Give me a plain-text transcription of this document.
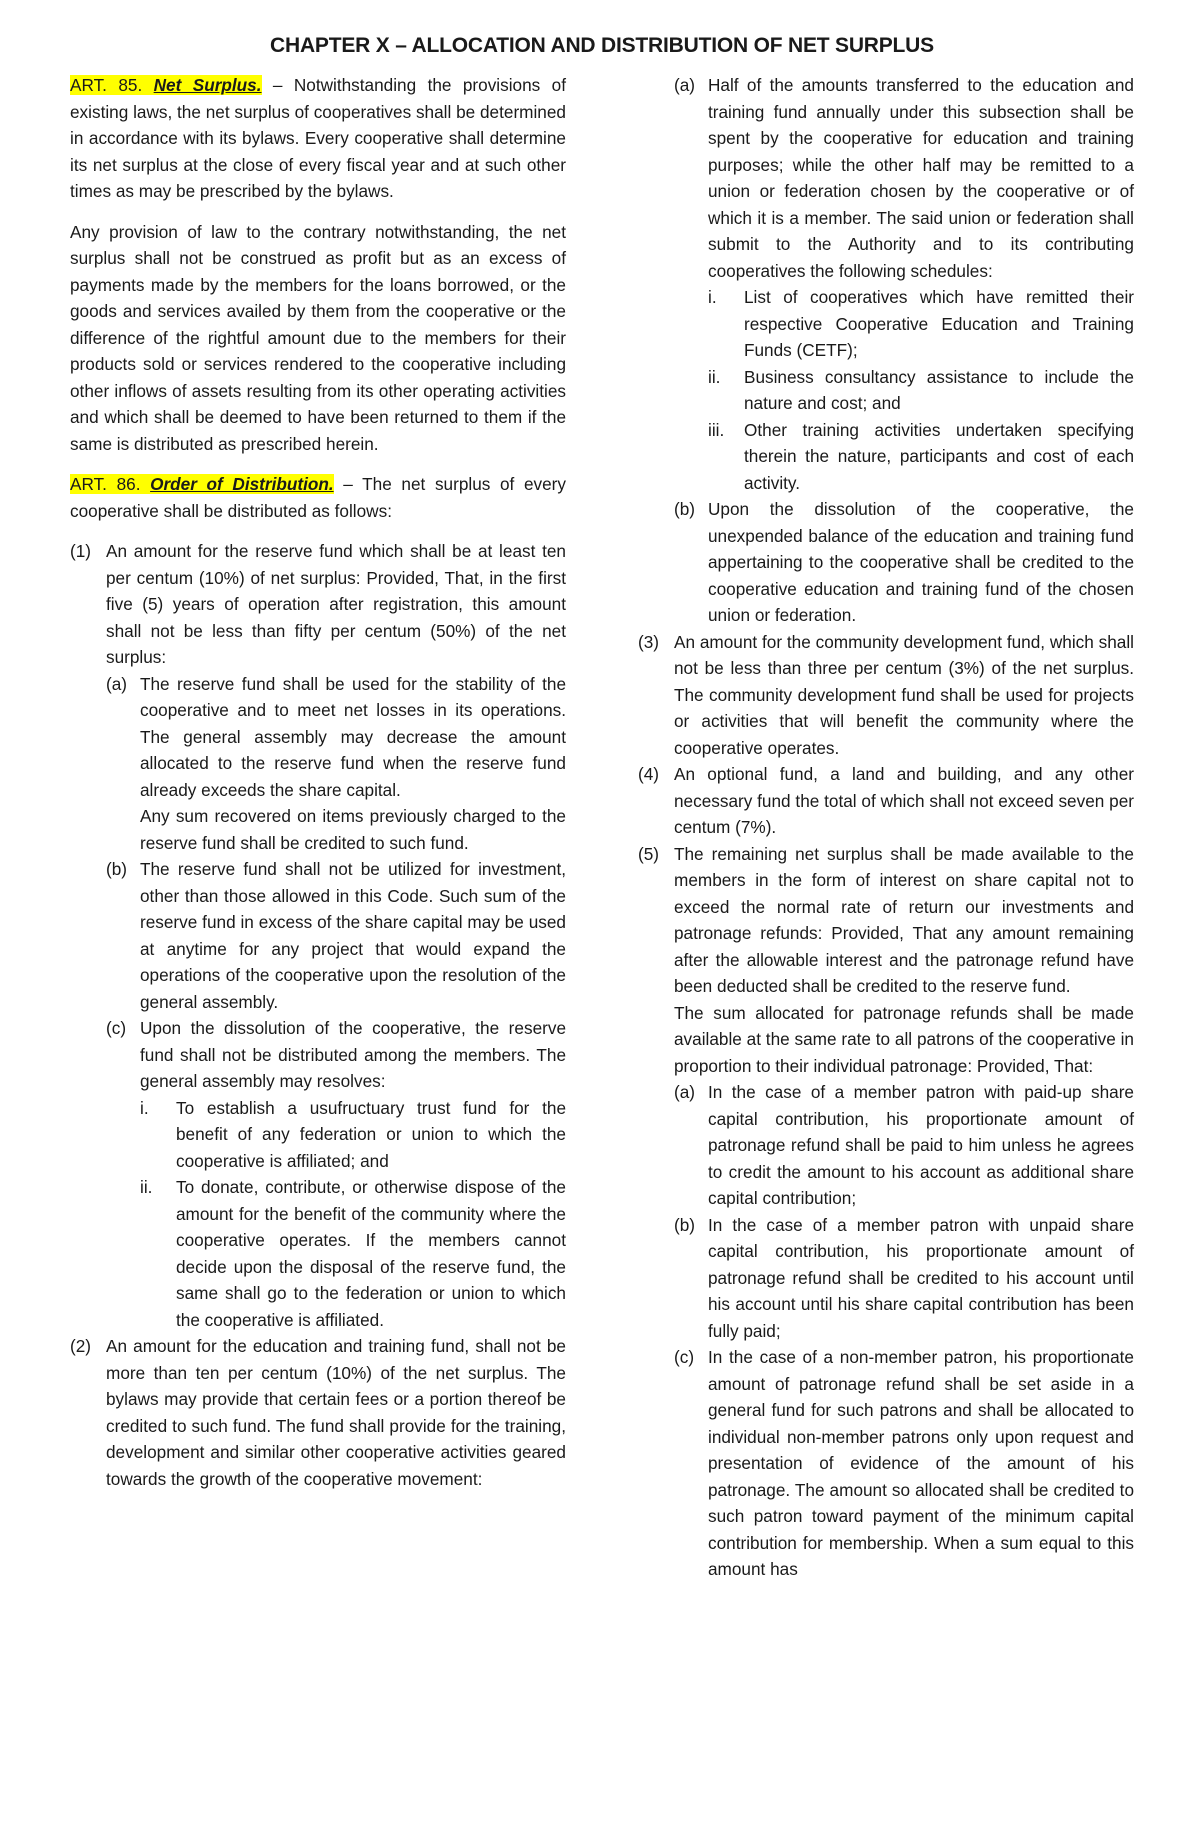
CHAPTER X – ALLOCATION AND DISTRIBUTION OF NET SURPLUS

ART. 85. Net Surplus. – Notwithstanding the provisions of existing laws, the net surplus of cooperatives shall be determined in accordance with its bylaws. Every cooperative shall determine its net surplus at the close of every fiscal year and at such other times as may be prescribed by the bylaws.

Any provision of law to the contrary notwithstanding, the net surplus shall not be construed as profit but as an excess of payments made by the members for the loans borrowed, or the goods and services availed by them from the cooperative or the difference of the rightful amount due to the members for their products sold or services rendered to the cooperative including other inflows of assets resulting from its other operating activities and which shall be deemed to have been returned to them if the same is distributed as prescribed herein.

ART. 86. Order of Distribution. – The net surplus of every cooperative shall be distributed as follows:

(1) An amount for the reserve fund which shall be at least ten per centum (10%) of net surplus: Provided, That, in the first five (5) years of operation after registration, this amount shall not be less than fifty per centum (50%) of the net surplus:
(a) The reserve fund shall be used for the stability of the cooperative and to meet net losses in its operations. The general assembly may decrease the amount allocated to the reserve fund when the reserve fund already exceeds the share capital.
Any sum recovered on items previously charged to the reserve fund shall be credited to such fund.
(b) The reserve fund shall not be utilized for investment, other than those allowed in this Code. Such sum of the reserve fund in excess of the share capital may be used at anytime for any project that would expand the operations of the cooperative upon the resolution of the general assembly.
(c) Upon the dissolution of the cooperative, the reserve fund shall not be distributed among the members. The general assembly may resolves:
i.	To establish a usufructuary trust fund for the benefit of any federation or union to which the cooperative is affiliated; and
ii.	To donate, contribute, or otherwise dispose of the amount for the benefit of the community where the cooperative operates. If the members cannot decide upon the disposal of the reserve fund, the same shall go to the federation or union to which the cooperative is affiliated.
(2) An amount for the education and training fund, shall not be more than ten per centum (10%) of the net surplus. The bylaws may provide that certain fees or a portion thereof be credited to such fund. The fund shall provide for the training, development and similar other cooperative activities geared towards the growth of the cooperative movement:
(a) Half of the amounts transferred to the education and training fund annually under this subsection shall be spent by the cooperative for education and training purposes; while the other half may be remitted to a union or federation chosen by the cooperative or of which it is a member. The said union or federation shall submit to the Authority and to its contributing cooperatives the following schedules:
i.	List of cooperatives which have remitted their respective Cooperative Education and Training Funds (CETF);
ii.	Business consultancy assistance to include the nature and cost; and
iii.	Other training activities undertaken specifying therein the nature, participants and cost of each activity.
(b) Upon the dissolution of the cooperative, the unexpended balance of the education and training fund appertaining to the cooperative shall be credited to the cooperative education and training fund of the chosen union or federation.
(3) An amount for the community development fund, which shall not be less than three per centum (3%) of the net surplus. The community development fund shall be used for projects or activities that will benefit the community where the cooperative operates.
(4) An optional fund, a land and building, and any other necessary fund the total of which shall not exceed seven per centum (7%).
(5) The remaining net surplus shall be made available to the members in the form of interest on share capital not to exceed the normal rate of return our investments and patronage refunds: Provided, That any amount remaining after the allowable interest and the patronage refund have been deducted shall be credited to the reserve fund.
The sum allocated for patronage refunds shall be made available at the same rate to all patrons of the cooperative in proportion to their individual patronage: Provided, That:
(a) In the case of a member patron with paid-up share capital contribution, his proportionate amount of patronage refund shall be paid to him unless he agrees to credit the amount to his account as additional share capital contribution;
(b) In the case of a member patron with unpaid share capital contribution, his proportionate amount of patronage refund shall be credited to his account until his account until his share capital contribution has been fully paid;
(c) In the case of a non-member patron, his proportionate amount of patronage refund shall be set aside in a general fund for such patrons and shall be allocated to individual non-member patrons only upon request and presentation of evidence of the amount of his patronage. The amount so allocated shall be credited to such patron toward payment of the minimum capital contribution for membership. When a sum equal to this amount has
